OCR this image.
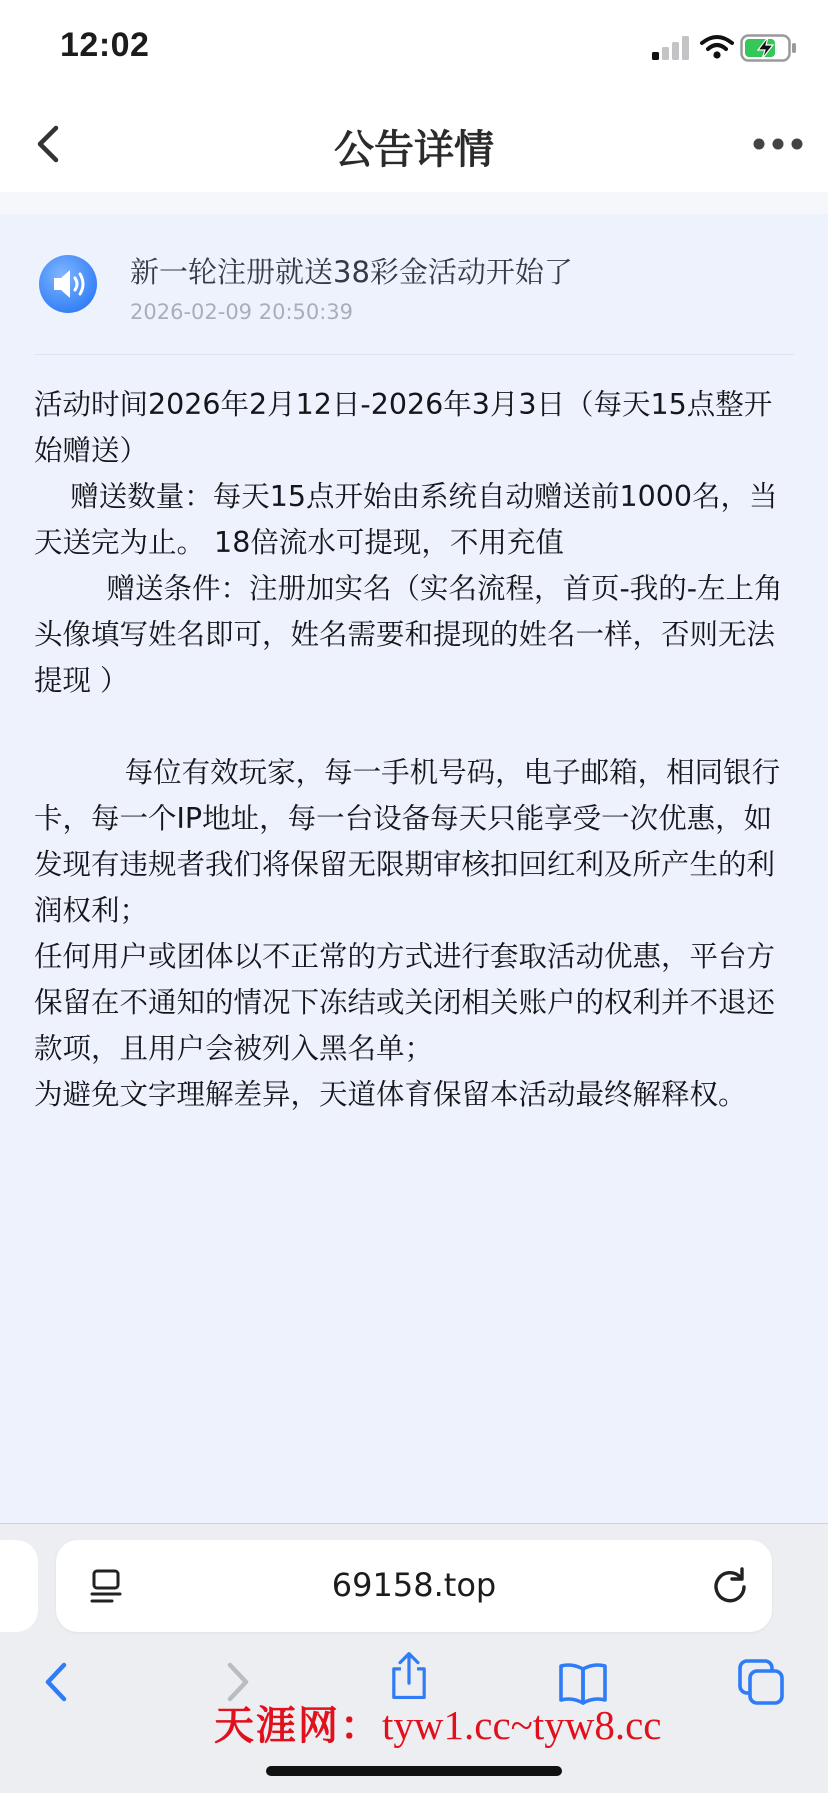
12:02
公告详情
新一轮注册就送38彩金活动开始了
2026-02-09 20:50:39

活动时间2026年2月12日-2026年3月3日（每天15点整开始赠送）

赠送数量：每天15点开始由系统自动赠送前1000名，当天送完为止。 18倍流水可提现，不用充值

赠送条件：注册加实名（实名流程，首页-我的-左上角头像填写姓名即可，姓名需要和提现的姓名一样，否则无法提现 ）

每位有效玩家，每一手机号码，电子邮箱，相同银行卡，每一个IP地址，每一台设备每天只能享受一次优惠，如发现有违规者我们将保留无限期审核扣回红利及所产生的利润权利；

任何用户或团体以不正常的方式进行套取活动优惠，平台方保留在不通知的情况下冻结或关闭相关账户的权利并不退还款项，且用户会被列入黑名单；

为避免文字理解差异，天道体育保留本活动最终解释权。

69158.top
天涯网：tyw1.cc~tyw8.cc
